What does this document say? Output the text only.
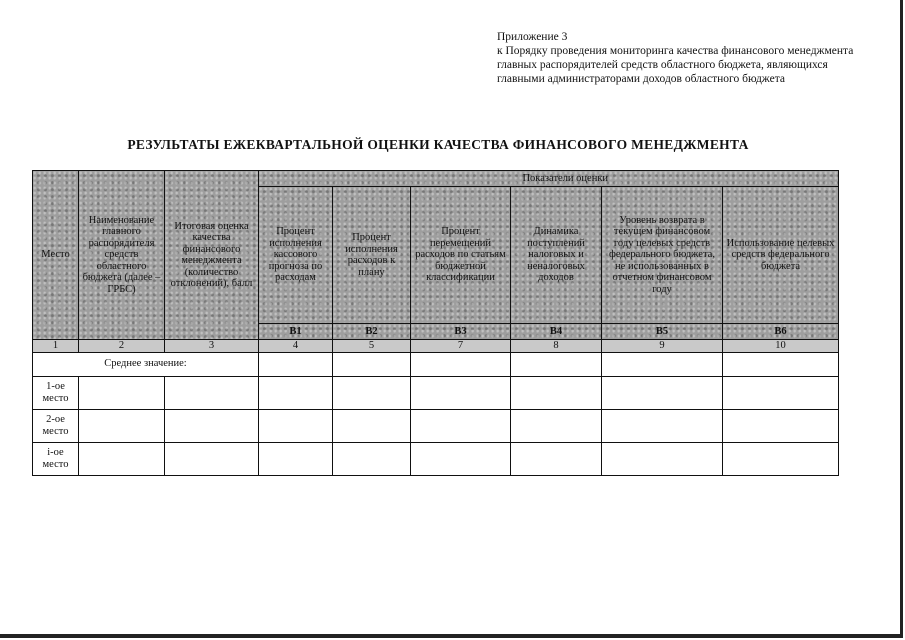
Приложение 3
к Порядку проведения мониторинга качества финансового менеджмента главных распорядителей средств областного бюджета, являющихся главными администраторами доходов областного бюджета
РЕЗУЛЬТАТЫ ЕЖЕКВАРТАЛЬНОЙ ОЦЕНКИ КАЧЕСТВА ФИНАНСОВОГО МЕНЕДЖМЕНТА
Место	Наименование главного распорядителя средств областного бюджета (далее – ГРБС)	Итоговая оценка качества финансового менеджмента (количество отклонений), балл	Показатели оценки					
			Процент исполнения кассового прогноза по расходам	Процент исполнения расходов к плану	Процент перемещений расходов по статьям бюджетной классификации	Динамика поступлений налоговых и неналоговых доходов	Уровень возврата в текущем финансовом году целевых средств федерального бюджета, не использованных в отчетном финансовом году	Использование целевых средств федерального бюджета
			B1	B2	B3	B4	B5	B6
1	2	3	4	5	7	8	9	10
Среднее значение:								
1-ое место								
2-ое место								
i-ое место								
